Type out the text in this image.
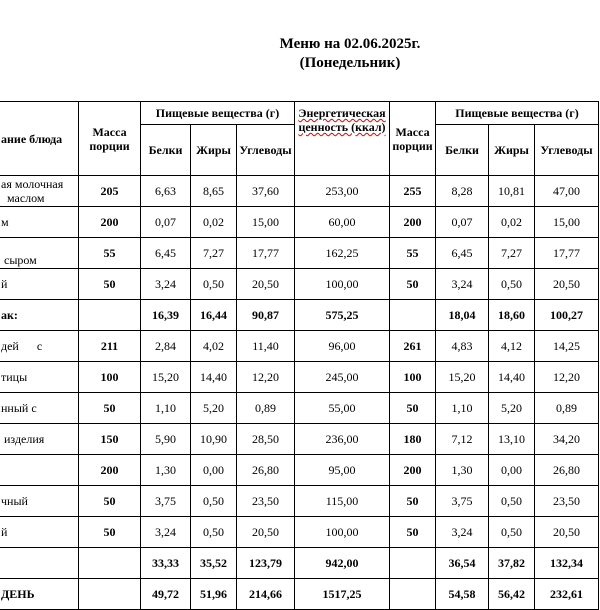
Меню на 02.06.2025г.
(Понедельник)
ание блюда	Масса порции	Пищевые вещества (г)			Энергетическая ценность (ккал)	Масса порции	Пищевые вещества (г)		
		Белки	Жиры	Углеводы			Белки	Жиры	Углеводы
ая молочная
маслом	205	6,63	8,65	37,60	253,00	255	8,28	10,81	47,00
м	200	0,07	0,02	15,00	60,00	200	0,07	0,02	15,00

сыром	55	6,45	7,27	17,77	162,25	55	6,45	7,27	17,77
й	50	3,24	0,50	20,50	100,00	50	3,24	0,50	20,50
ак:		16,39	16,44	90,87	575,25		18,04	18,60	100,27
дей      с	211	2,84	4,02	11,40	96,00	261	4,83	4,12	14,25
тицы	100	15,20	14,40	12,20	245,00	100	15,20	14,40	12,20
нный с	50	1,10	5,20	0,89	55,00	50	1,10	5,20	0,89
изделия	150	5,90	10,90	28,50	236,00	180	7,12	13,10	34,20
	200	1,30	0,00	26,80	95,00	200	1,30	0,00	26,80
чный	50	3,75	0,50	23,50	115,00	50	3,75	0,50	23,50
й	50	3,24	0,50	20,50	100,00	50	3,24	0,50	20,50
		33,33	35,52	123,79	942,00		36,54	37,82	132,34
ДЕНЬ		49,72	51,96	214,66	1517,25		54,58	56,42	232,61
